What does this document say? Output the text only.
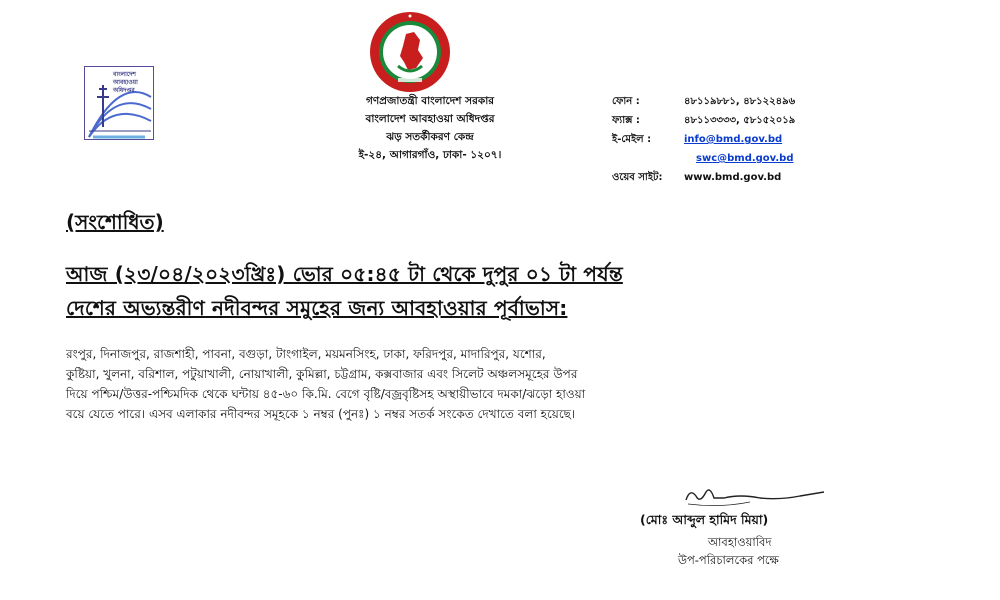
বাংলাদেশ আবহাওয়া অধিদপ্তর
গণপ্রজাতন্ত্রী বাংলাদেশ সরকার
বাংলাদেশ আবহাওয়া অধিদপ্তর
ঝড় সতর্কীকরণ কেন্দ্র
ই-২৪, আগারগাঁও, ঢাকা- ১২০৭।
ফোন :	৪৮১১৯৮৮১, ৪৮১২২৪৯৬
ফ্যাক্স :	৪৮১১৩৩৩৩, ৫৮১৫২০১৯
ই-মেইল :	info@bmd.gov.bd
swc@bmd.gov.bd
ওয়েব সাইট: www.bmd.gov.bd
(সংশোধিত)
আজ (২৩/০৪/২০২৩খ্রিঃ) ভোর ০৫:৪৫ টা থেকে দুপুর ০১ টা পর্যন্ত
দেশের অভ্যন্তরীণ নদীবন্দর সমুহের জন্য আবহাওয়ার পূর্বাভাস:
রংপুর, দিনাজপুর, রাজশাহী, পাবনা, বগুড়া, টাংগাইল, ময়মনসিংহ, ঢাকা, ফরিদপুর, মাদারিপুর, যশোর,
কুষ্টিয়া, খুলনা, বরিশাল, পটুয়াখালী, নোয়াখালী, কুমিল্লা, চট্টগ্রাম, কক্সবাজার এবং সিলেট অঞ্চলসমূহের উপর
দিয়ে পশ্চিম/উত্তর-পশ্চিমদিক থেকে ঘন্টায় ৪৫-৬০ কি.মি. বেগে বৃষ্টি/বজ্রবৃষ্টিসহ অস্থায়ীভাবে দমকা/ঝড়ো হাওয়া
বয়ে যেতে পারে। এসব এলাকার নদীবন্দর সমূহকে ১ নম্বর (পুনঃ) ১ নম্বর সতর্ক সংকেত দেখাতে বলা হয়েছে।
(মোঃ আব্দুল হামিদ মিয়া)
আবহাওয়াবিদ
উপ-পরিচালকের পক্ষে
